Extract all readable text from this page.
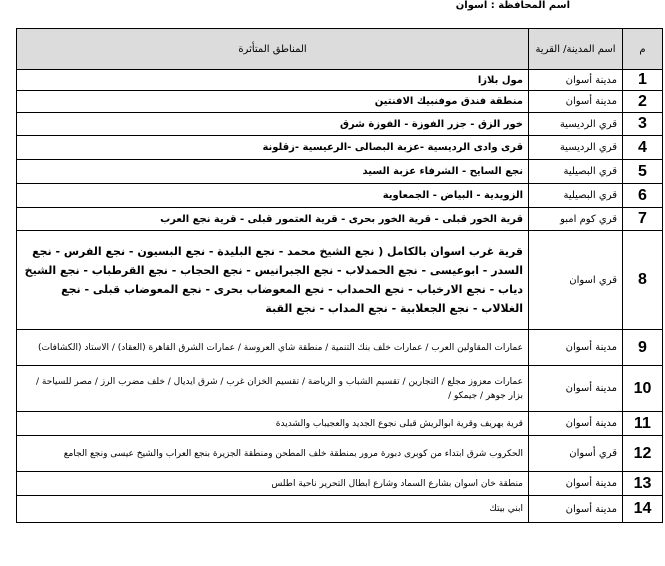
اسم المحافظة : اسوان
م	اسم المدينة/ القرية	المناطق المتأثرة
1	مدينة أسوان	مول بلازا
2	مدينة أسوان	منطقة فندق موفنبيك الافنتين
3	قري الرديسية	خور الزق - جزر الفوزة - الفوزة شرق
4	قري الرديسية	قرى وادى الرديسية -عزبة البصالى -الرعيسية -زقلونة
5	قري البصيلية	نجع السايح - الشرفاء عزبة السيد
6	قري البصيلية	الزويدية - البياض - الجمعاوية
7	قري كوم امبو	قرية الخور قبلى - قرية الخور بحرى - قرية العتمور قبلى - قرية نجع العرب
8	قري اسوان	قرية غرب اسوان بالكامل ( نجع الشيخ محمد - نجع البليدة - نجع البسيون - نجع الفرس - نجع السدر - ابوعيسى - نجع الحمدلاب - نجع الجبرانيس - نجع الحجاب - نجع القرطباب - نجع الشيخ دياب - نجع الارخياب - نجع الحمداب - نجع المعوضاب بحرى - نجع المعوضاب قبلى - نجع الغلالاب - نجع الجعلابية - نجع المداب - نجع القبة
9	مدينة أسوان	عمارات المقاولين العرب / عمارات خلف بنك التنمية / منطقة شاي العروسة / عمارات الشرق القاهرة (العقاد) / الاستاد (الكشافات)
10	مدينة أسوان	عمارات معزوز مجلع / التجارين / تقسيم الشباب و الرياضة / تقسيم الخزان غرب / شرق ايديال / خلف مضرب الرز / مصر للسياحة / بزار جوهر / جيمكو /
11	مدينة أسوان	قرية بهريف وقرية ابوالريش قبلى نجوع الجديد والعجيباب والشديدة
12	قري أسوان	الحكروب شرق ابتداء من كوبرى دبورة مرور بمنطقة خلف المطحن ومنطقة الجزيرة بنجع العراب والشيخ عيسى ونجع الجامع
13	مدينة أسوان	منطقة خان اسوان بشارع السماد وشارع ابطال التحرير ناحية اطلس
14	مدينة أسوان	ابني بيتك
